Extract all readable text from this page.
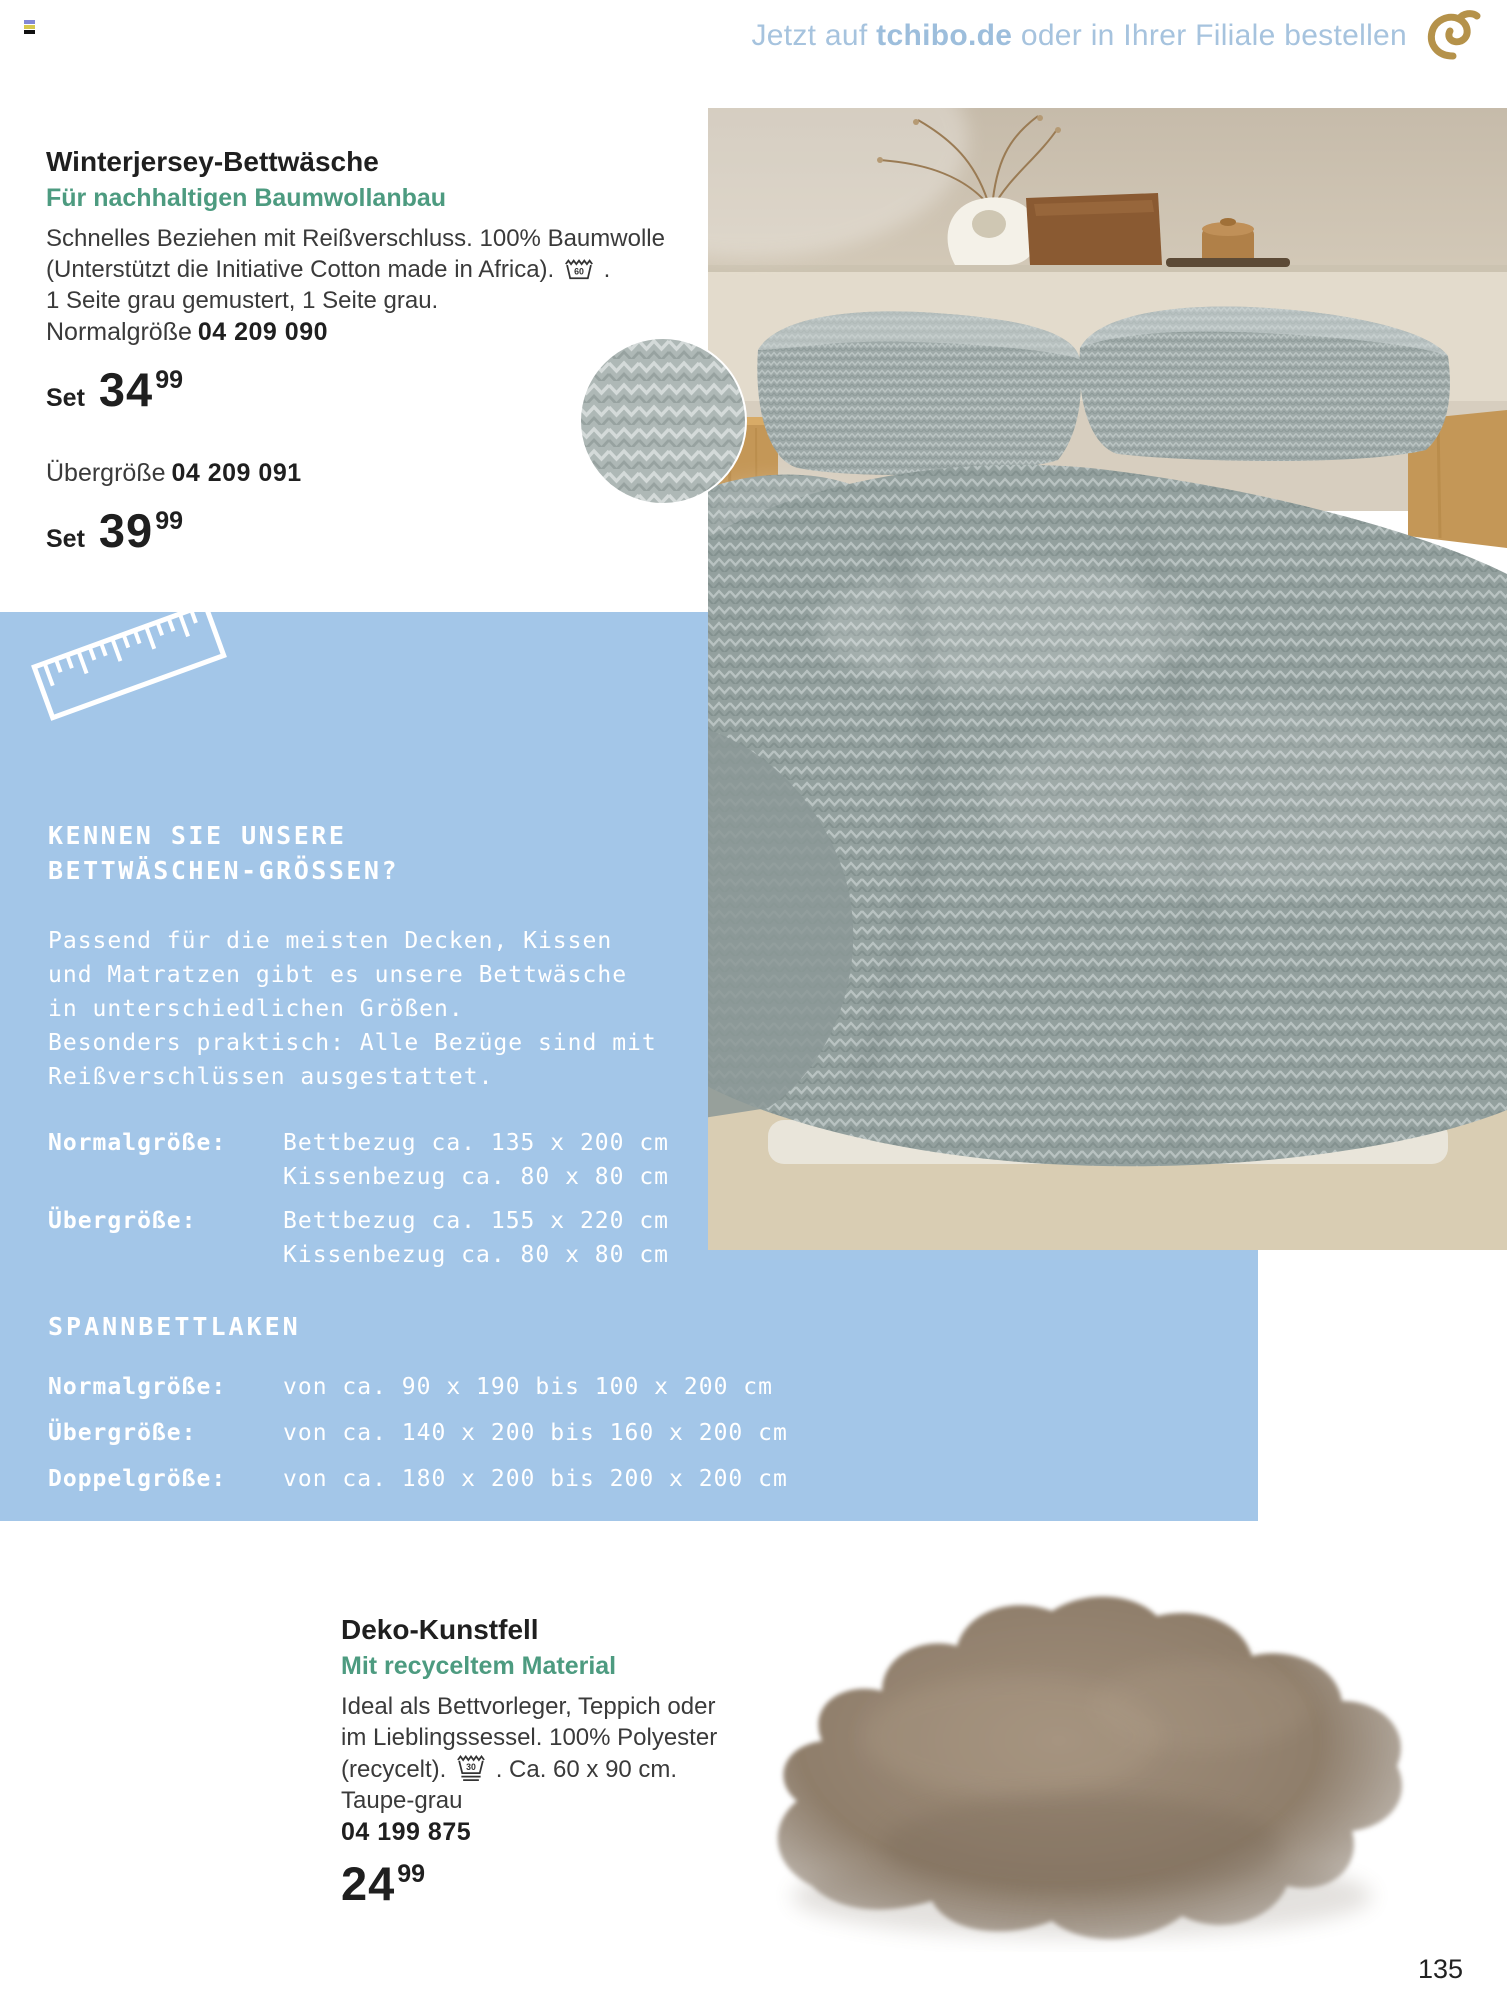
Jetzt auf tchibo.de oder in Ihrer Filiale bestellen
Winterjersey-Bettwäsche
Für nachhaltigen Baumwollanbau
Schnelles Beziehen mit Reißverschluss. 100% Baumwolle
(Unterstützt die Initiative Cotton made in Africa). 60 .
1 Seite grau gemustert, 1 Seite grau.
Normalgröße 04 209 090
Set $34^{99}$
Übergröße 04 209 091
Set $39^{99}$
KENNEN SIE UNSERE
BETTWÄSCHEN-GRÖSSEN?
Passend für die meisten Decken, Kissen
und Matratzen gibt es unsere Bettwäsche
in unterschiedlichen Größen.
Besonders praktisch: Alle Bezüge sind mit
Reißverschlüssen ausgestattet.
Normalgröße: Bettbezug ca. 135 x 200 cm
Kissenbezug ca. 80 x 80 cm
Übergröße:	Bettbezug ca. 155 x 220 cm
Kissenbezug ca. 80 x 80 cm
SPANNBETTLAKEN
Normalgröße: von ca. 90 x 190 bis 100 x 200 cm
Übergröße:	von ca. 140 x 200 bis 160 x 200 cm
Doppelgröße: von ca. 180 x 200 bis 200 x 200 cm
Deko-Kunstfell
Mit recyceltem Material
Ideal als Bettvorleger, Teppich oder
im Lieblingssessel. 100% Polyester
(recycelt). 30 . Ca. 60 x 90 cm.
Taupe-grau
04 199 875
$24^{99}$
135
